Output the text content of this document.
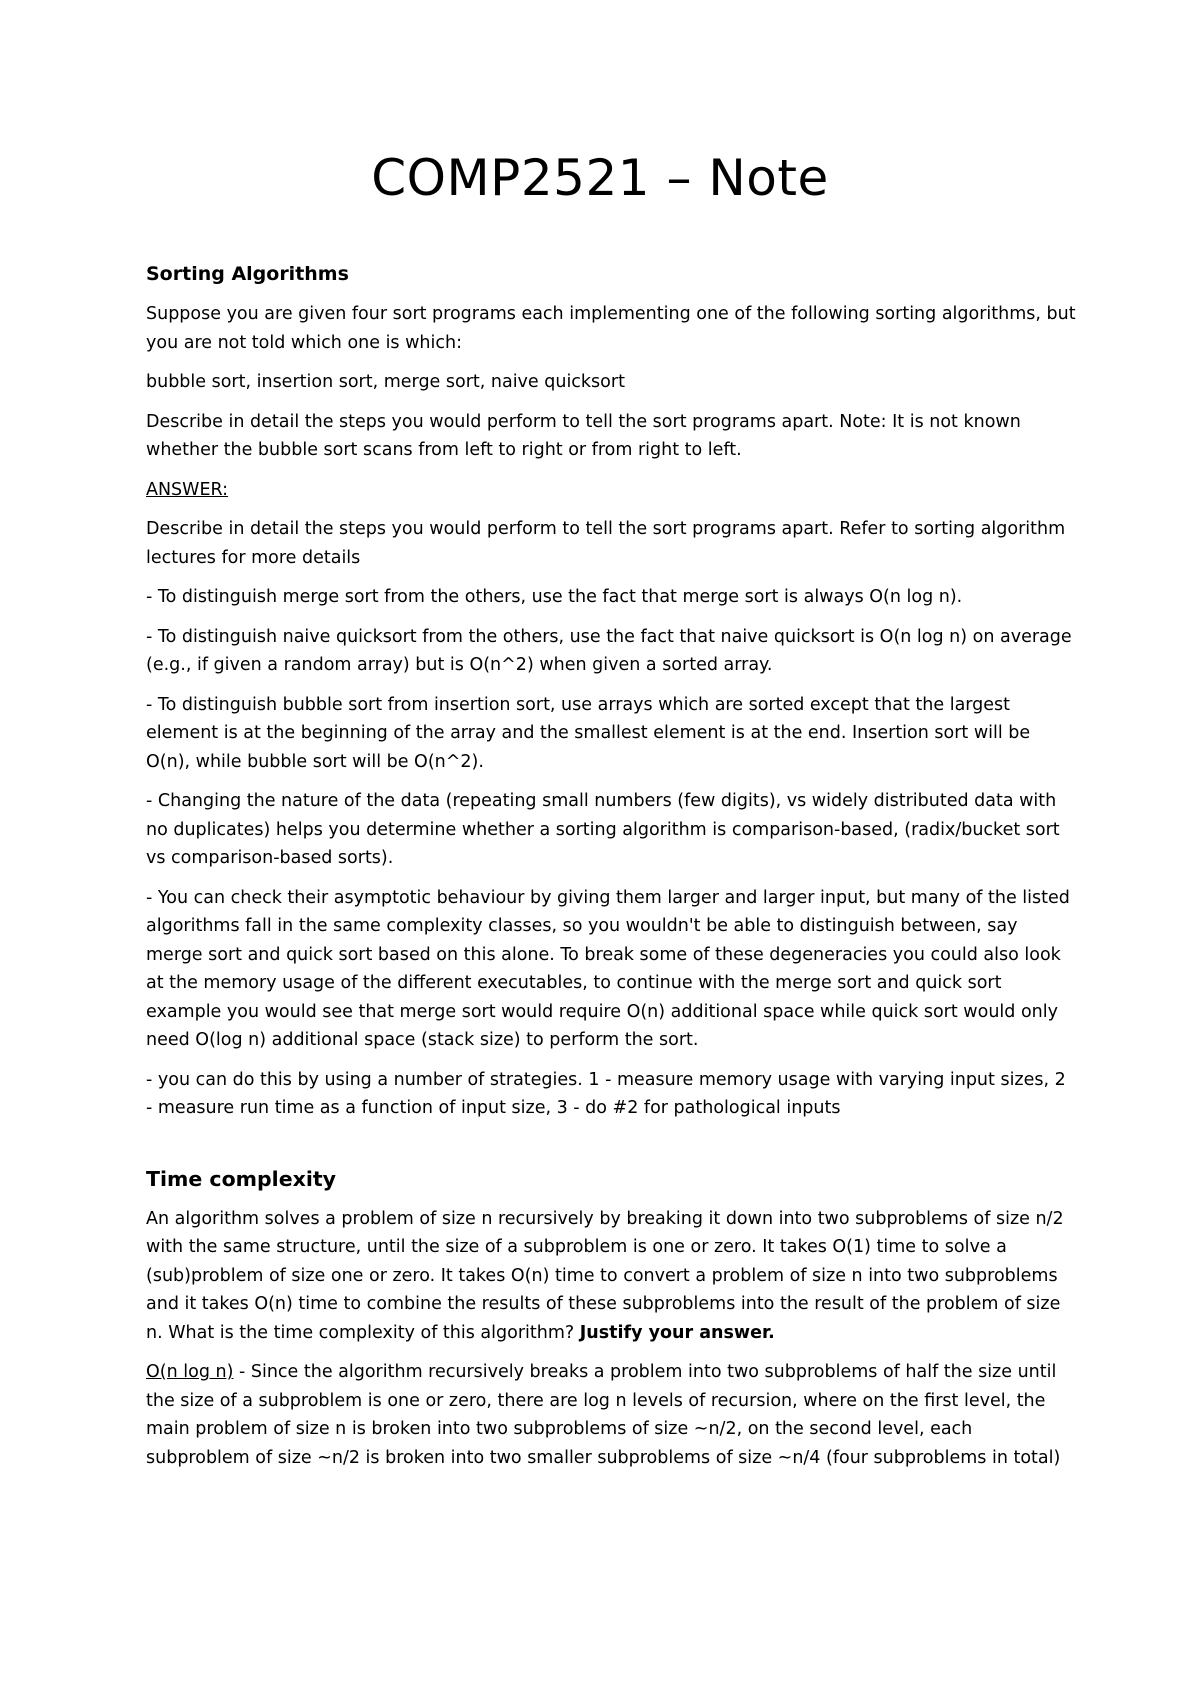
COMP2521 – Note
Sorting Algorithms

Suppose you are given four sort programs each implementing one of the following sorting algorithms, but you are not told which one is which:

bubble sort, insertion sort, merge sort, naive quicksort

Describe in detail the steps you would perform to tell the sort programs apart. Note: It is not known whether the bubble sort scans from left to right or from right to left.

ANSWER:

Describe in detail the steps you would perform to tell the sort programs apart. Refer to sorting algorithm lectures for more details

- To distinguish merge sort from the others, use the fact that merge sort is always O(n log n).

- To distinguish naive quicksort from the others, use the fact that naive quicksort is O(n log n) on average (e.g., if given a random array) but is O(n^2) when given a sorted array.

- To distinguish bubble sort from insertion sort, use arrays which are sorted except that the largest element is at the beginning of the array and the smallest element is at the end. Insertion sort will be O(n), while bubble sort will be O(n^2).

- Changing the nature of the data (repeating small numbers (few digits), vs widely distributed data with no duplicates) helps you determine whether a sorting algorithm is comparison-based, (radix/bucket sort vs comparison-based sorts).

- You can check their asymptotic behaviour by giving them larger and larger input, but many of the listed algorithms fall in the same complexity classes, so you wouldn't be able to distinguish between, say merge sort and quick sort based on this alone. To break some of these degeneracies you could also look at the memory usage of the different executables, to continue with the merge sort and quick sort example you would see that merge sort would require O(n) additional space while quick sort would only need O(log n) additional space (stack size) to perform the sort.

- you can do this by using a number of strategies. 1 - measure memory usage with varying input sizes, 2 - measure run time as a function of input size, 3 - do #2 for pathological inputs

Time complexity

An algorithm solves a problem of size n recursively by breaking it down into two subproblems of size n/2 with the same structure, until the size of a subproblem is one or zero. It takes O(1) time to solve a (sub)problem of size one or zero. It takes O(n) time to convert a problem of size n into two subproblems and it takes O(n) time to combine the results of these subproblems into the result of the problem of size n. What is the time complexity of this algorithm? Justify your answer.

O(n log n) - Since the algorithm recursively breaks a problem into two subproblems of half the size until the size of a subproblem is one or zero, there are log n levels of recursion, where on the first level, the main problem of size n is broken into two subproblems of size ~n/2, on the second level, each subproblem of size ~n/2 is broken into two smaller subproblems of size ~n/4 (four subproblems in total)
